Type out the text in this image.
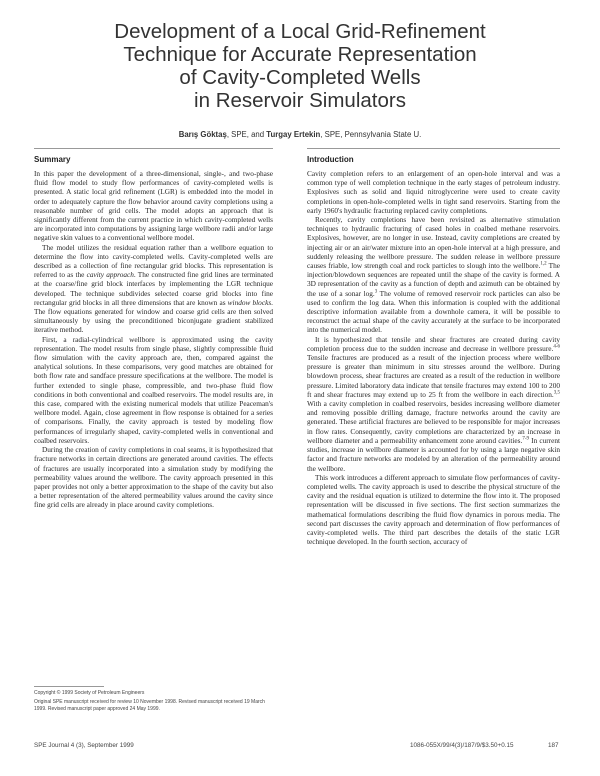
Development of a Local Grid-Refinement
Technique for Accurate Representation
of Cavity-Completed Wells
in Reservoir Simulators
Barış Göktaş, SPE, and Turgay Ertekin, SPE, Pennsylvania State U.
Summary

In this paper the development of a three-dimensional, single-, and two-phase fluid flow model to study flow performances of cavity-completed wells is presented. A static local grid refinement (LGR) is embedded into the model in order to adequately capture the flow behavior around cavity completions using a reasonable number of grid cells. The model adopts an approach that is significantly different from the current practice in which cavity-completed wells are incorporated into computations by assigning large wellbore radii and/or large negative skin values to a conventional wellbore model.

The model utilizes the residual equation rather than a wellbore equation to determine the flow into cavity-completed wells. Cavity-completed wells are described as a collection of fine rectangular grid blocks. This representation is referred to as the cavity approach. The constructed fine grid lines are terminated at the coarse/fine grid block interfaces by implementing the LGR technique developed. The technique subdivides selected coarse grid blocks into fine rectangular grid blocks in all three dimensions that are known as window blocks. The flow equations generated for window and coarse grid cells are then solved simultaneously by using the preconditioned biconjugate gradient stabilized iterative method.

First, a radial-cylindrical wellbore is approximated using the cavity representation. The model results from single phase, slightly compressible fluid flow simulation with the cavity approach are, then, compared against the analytical solutions. In these comparisons, very good matches are obtained for both flow rate and sandface pressure specifications at the wellbore. The model is further extended to single phase, compressible, and two-phase fluid flow conditions in both conventional and coalbed reservoirs. The model results are, in this case, compared with the existing numerical models that utilize Peaceman's wellbore model. Again, close agreement in flow response is obtained for a series of comparisons. Finally, the cavity approach is tested by modeling flow performances of irregularly shaped, cavity-completed wells in conventional and coalbed reservoirs.

During the creation of cavity completions in coal seams, it is hypothesized that fracture networks in certain directions are generated around cavities. The effects of fractures are usually incorporated into a simulation study by modifying the permeability values around the wellbore. The cavity approach presented in this paper provides not only a better approximation to the shape of the cavity but also a better representation of the altered permeability values around the cavity since fine grid cells are already in place around cavity completions.

Introduction

Cavity completion refers to an enlargement of an open-hole interval and was a common type of well completion technique in the early stages of petroleum industry. Explosives such as solid and liquid nitroglycerine were used to create cavity completions in open-hole-completed wells in tight sand reservoirs. Starting from the early 1960's hydraulic fracturing replaced cavity completions.

Recently, cavity completions have been revisited as alternative stimulation techniques to hydraulic fracturing of cased holes in coalbed methane reservoirs. Explosives, however, are no longer in use. Instead, cavity completions are created by injecting air or an air/water mixture into an open-hole interval at a high pressure, and suddenly releasing the wellbore pressure. The sudden release in wellbore pressure causes friable, low strength coal and rock particles to slough into the wellbore.$^{1,2}$ The injection/blowdown sequences are repeated until the shape of the cavity is formed. A 3D representation of the cavity as a function of depth and azimuth can be obtained by the use of a sonar log.$^3$ The volume of removed reservoir rock particles can also be used to confirm the log data. When this information is coupled with the additional descriptive information available from a downhole camera, it will be possible to reconstruct the actual shape of the cavity accurately at the surface to be incorporated into the numerical model.

It is hypothesized that tensile and shear fractures are created during cavity completion process due to the sudden increase and decrease in wellbore pressure.$^{4-6}$ Tensile fractures are produced as a result of the injection process where wellbore pressure is greater than minimum in situ stresses around the wellbore. During blowdown process, shear fractures are created as a result of the reduction in wellbore pressure. Limited laboratory data indicate that tensile fractures may extend 100 to 200 ft and shear fractures may extend up to 25 ft from the wellbore in each direction.$^{3,5}$ With a cavity completion in coalbed reservoirs, besides increasing wellbore diameter and removing possible drilling damage, fracture networks around the cavity are generated. These artificial fractures are believed to be responsible for major increases in flow rates. Consequently, cavity completions are characterized by an increase in wellbore diameter and a permeability enhancement zone around cavities.$^{7-9}$ In current studies, increase in wellbore diameter is accounted for by using a large negative skin factor and fracture networks are modeled by an alteration of the permeability around the wellbore.

This work introduces a different approach to simulate flow performances of cavity-completed wells. The cavity approach is used to describe the physical structure of the cavity and the residual equation is utilized to determine the flow into it. The proposed representation will be discussed in five sections. The first section summarizes the mathematical formulations describing the fluid flow dynamics in porous media. The second part discusses the cavity approach and determination of flow performances of cavity-completed wells. The third part describes the details of the static LGR technique developed. In the fourth section, accuracy of

Copyright © 1999 Society of Petroleum Engineers
Original SPE manuscript received for review 10 November 1998. Revised manuscript received 19 March 1999. Revised manuscript paper approved 24 May 1999.
SPE Journal 4 (3), September 1999	1086-055X/99/4(3)/187/9/$3.50+0.15	187
